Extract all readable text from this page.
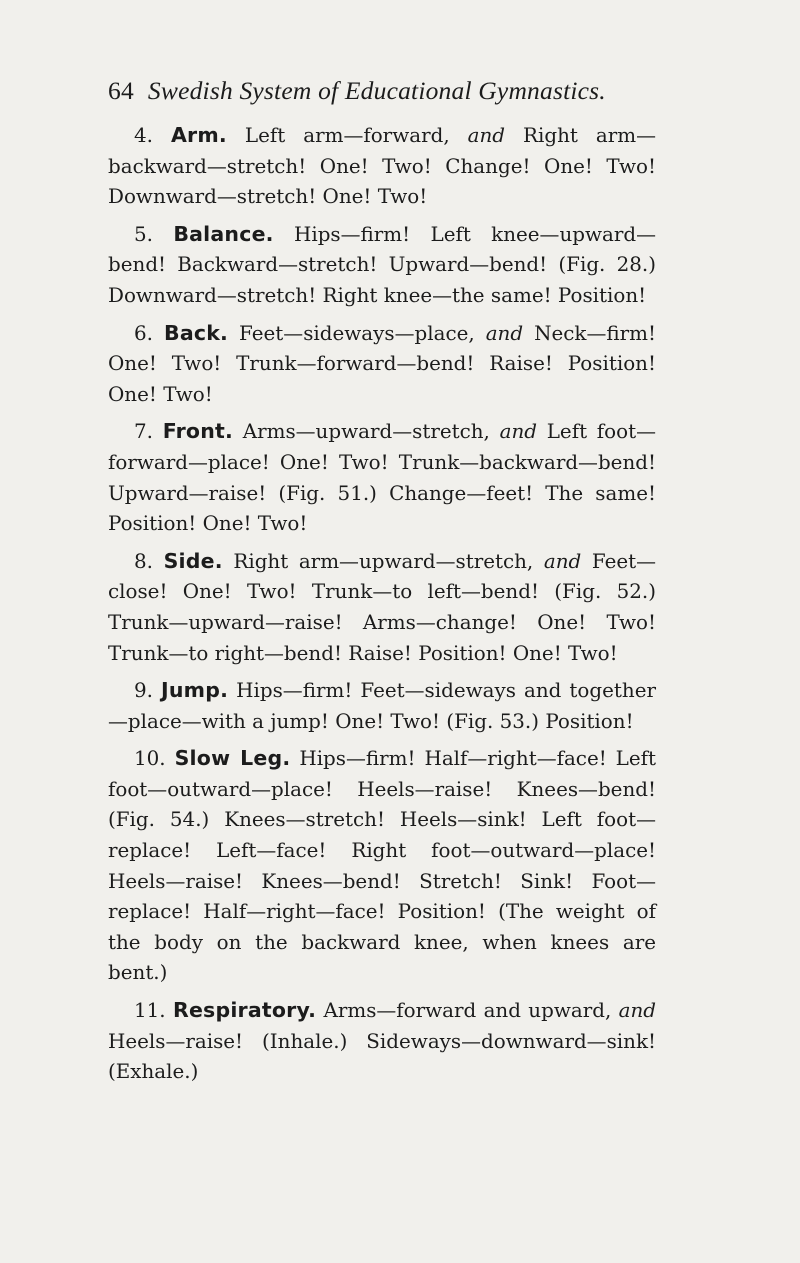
64 Swedish System of Educational Gymnastics.

4. Arm. Left arm—forward, and Right arm—backward—stretch! One! Two! Change! One! Two! Downward—stretch! One! Two!

5. Balance. Hips—firm! Left knee—upward—bend! Backward—stretch! Upward—bend! (Fig. 28.) Downward—stretch! Right knee—the same! Position!

6. Back. Feet—sideways—place, and Neck—firm! One! Two! Trunk—forward—bend! Raise! Position! One! Two!

7. Front. Arms—upward—stretch, and Left foot—forward—place! One! Two! Trunk—backward—bend! Upward—raise! (Fig. 51.) Change—feet! The same! Position! One! Two!

8. Side. Right arm—upward—stretch, and Feet—close! One! Two! Trunk—to left—bend! (Fig. 52.) Trunk—upward—raise! Arms—change! One! Two! Trunk—to right—bend! Raise! Position! One! Two!

9. Jump. Hips—firm! Feet—sideways and together —place—with a jump! One! Two! (Fig. 53.) Position!

10. Slow Leg. Hips—firm! Half—right—face! Left foot—outward—place! Heels—raise! Knees—bend! (Fig. 54.) Knees—stretch! Heels—sink! Left foot—replace! Left—face! Right foot—outward—place! Heels—raise! Knees—bend! Stretch! Sink! Foot—replace! Half—right—face! Position! (The weight of the body on the backward knee, when knees are bent.)

11. Respiratory. Arms—forward and upward, and Heels—raise! (Inhale.) Sideways—downward—sink! (Exhale.)
